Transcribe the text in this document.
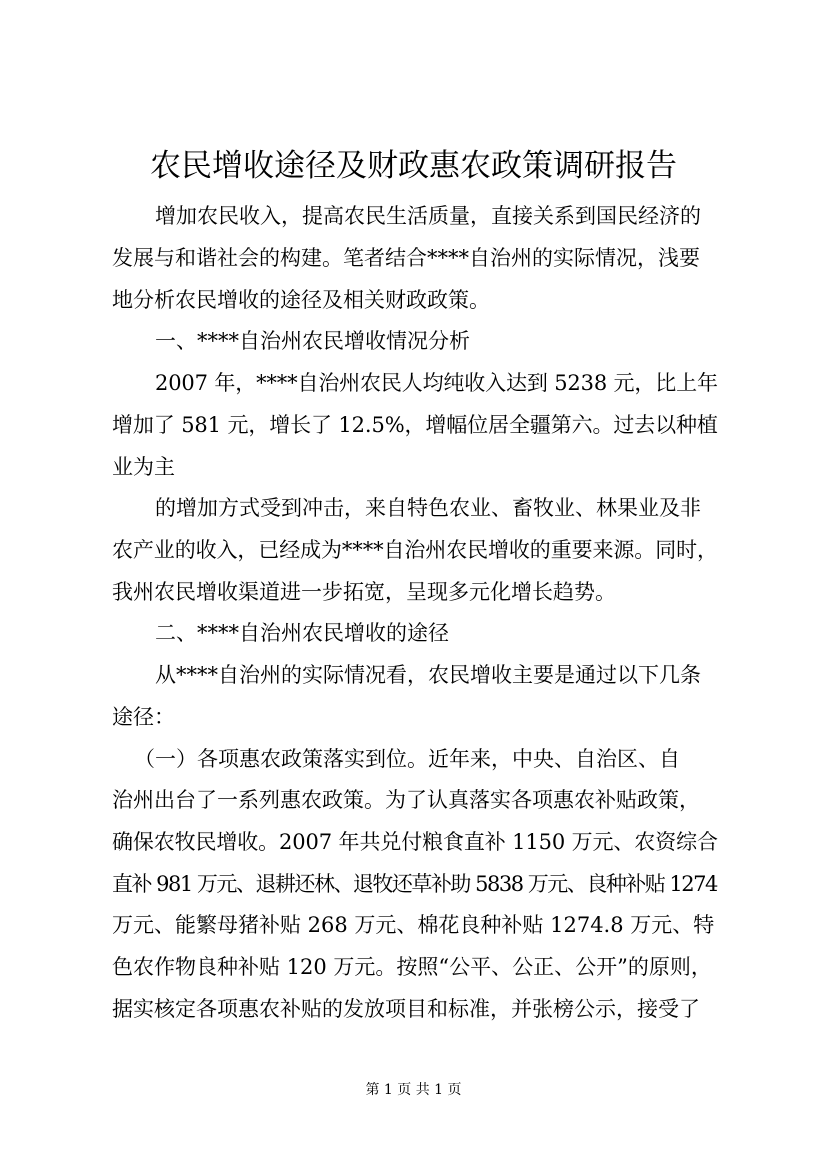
农民增收途径及财政惠农政策调研报告
增加农民收入，提高农民生活质量，直接关系到国民经济的
发展与和谐社会的构建。笔者结合****自治州的实际情况，浅要
地分析农民增收的途径及相关财政政策。
一、****自治州农民增收情况分析
2007 年，****自治州农民人均纯收入达到 5238 元，比上年
增加了 581 元，增长了 12.5%，增幅位居全疆第六。过去以种植
业为主
的增加方式受到冲击，来自特色农业、畜牧业、林果业及非
农产业的收入，已经成为****自治州农民增收的重要来源。同时，
我州农民增收渠道进一步拓宽，呈现多元化增长趋势。
二、****自治州农民增收的途径
从****自治州的实际情况看，农民增收主要是通过以下几条
途径：
（一）各项惠农政策落实到位。近年来，中央、自治区、自
治州出台了一系列惠农政策。为了认真落实各项惠农补贴政策，
确保农牧民增收。2007 年共兑付粮食直补 1150 万元、农资综合
直补 981 万元、退耕还林、退牧还草补助 5838 万元、良种补贴 1274
万元、能繁母猪补贴 268 万元、棉花良种补贴 1274.8 万元、特
色农作物良种补贴 120 万元。按照“公平、公正、公开”的原则，
据实核定各项惠农补贴的发放项目和标准，并张榜公示，接受了
第 1 页 共 1 页
